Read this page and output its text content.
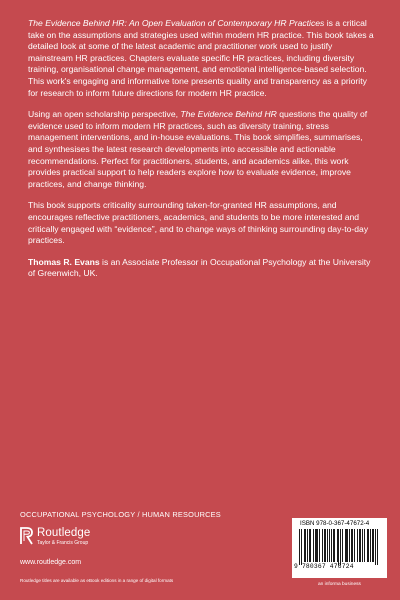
The Evidence Behind HR: An Open Evaluation of Contemporary HR Practices is a critical take on the assumptions and strategies used within modern HR practice. This book takes a detailed look at some of the latest academic and practitioner work used to justify mainstream HR practices. Chapters evaluate specific HR practices, including diversity training, organisational change management, and emotional intelligence-based selection. This work's engaging and informative tone presents quality and transparency as a priority for research to inform future directions for modern HR practice.

Using an open scholarship perspective, The Evidence Behind HR questions the quality of evidence used to inform modern HR practices, such as diversity training, stress management interventions, and in-house evaluations. This book simplifies, summarises, and synthesises the latest research developments into accessible and actionable recommendations. Perfect for practitioners, students, and academics alike, this work provides practical support to help readers explore how to evaluate evidence, improve practices, and change thinking.

This book supports criticality surrounding taken-for-granted HR assumptions, and encourages reflective practitioners, academics, and students to be more interested and critically engaged with “evidence”, and to change ways of thinking surrounding day-to-day practices.

Thomas R. Evans is an Associate Professor in Occupational Psychology at the University of Greenwich, UK.

OCCUPATIONAL PSYCHOLOGY / HUMAN RESOURCES
Routledge
Taylor & Francis Group
www.routledge.com
Routledge titles are available as eBook editions in a range of digital formats
ISBN 978-0-367-47672-4
9 780367 476724
an informa business
